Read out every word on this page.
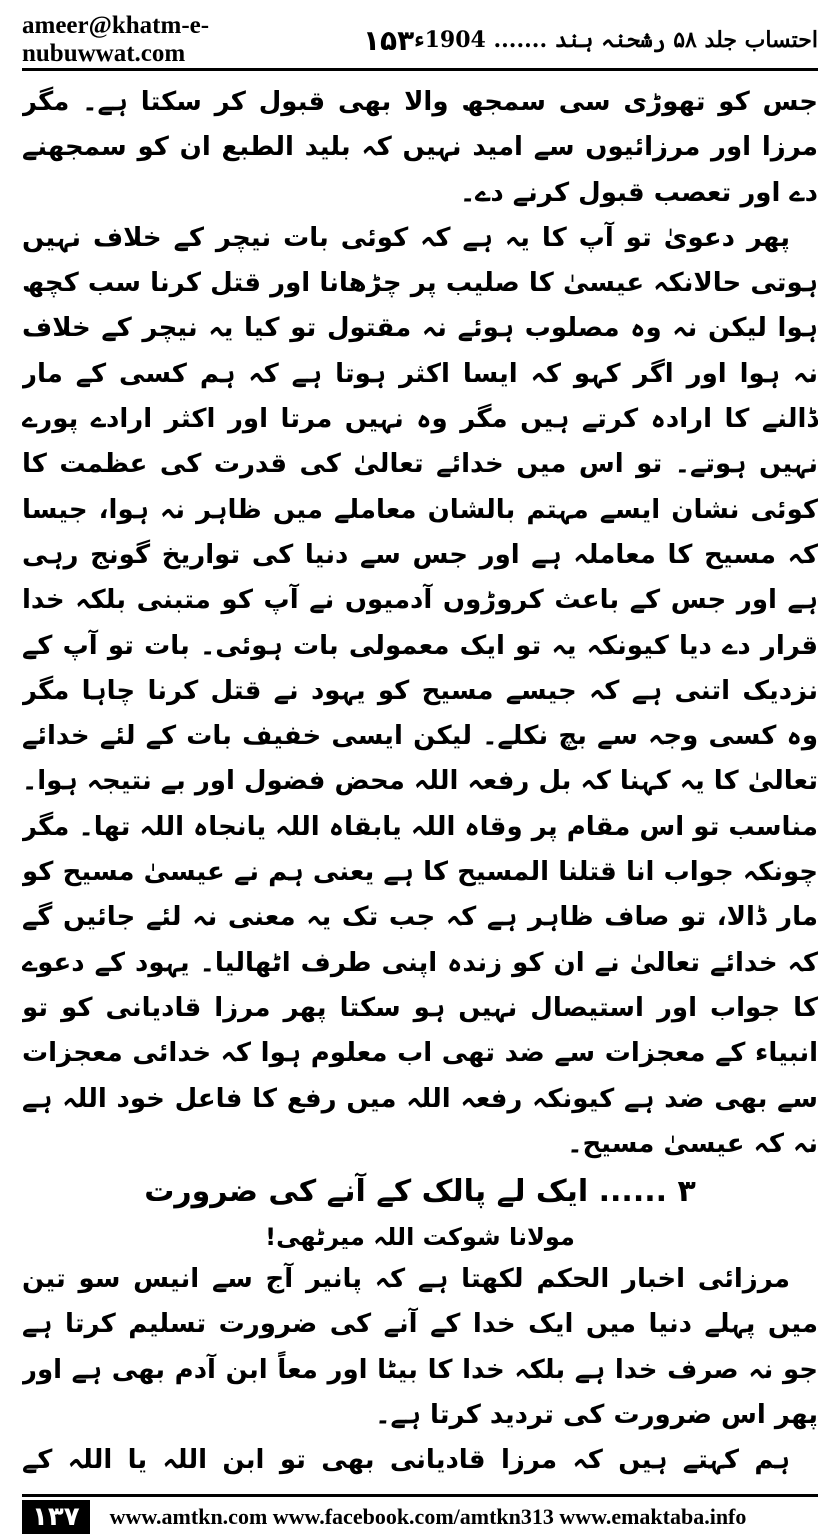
ameer@khatm-e-nubuwwat.com	۱۵۳ احتساب جلد ۵۸ رشحنہ ہند ....... 1904ء

جس کو تھوڑی سی سمجھ والا بھی قبول کر سکتا ہے۔ مگر مرزا اور مرزائیوں سے امید نہیں کہ بلید الطبع ان کو سمجھنے دے اور تعصب قبول کرنے دے۔

پھر دعویٰ تو آپ کا یہ ہے کہ کوئی بات نیچر کے خلاف نہیں ہوتی حالانکہ عیسیٰ کا صلیب پر چڑھانا اور قتل کرنا سب کچھ ہوا لیکن نہ وہ مصلوب ہوئے نہ مقتول تو کیا یہ نیچر کے خلاف نہ ہوا اور اگر کہو کہ ایسا اکثر ہوتا ہے کہ ہم کسی کے مار ڈالنے کا ارادہ کرتے ہیں مگر وہ نہیں مرتا اور اکثر ارادے پورے نہیں ہوتے۔ تو اس میں خدائے تعالیٰ کی قدرت کی عظمت کا کوئی نشان ایسے مہتم بالشان معاملے میں ظاہر نہ ہوا، جیسا کہ مسیح کا معاملہ ہے اور جس سے دنیا کی تواریخ گونج رہی ہے اور جس کے باعث کروڑوں آدمیوں نے آپ کو متبنی بلکہ خدا قرار دے دیا کیونکہ یہ تو ایک معمولی بات ہوئی۔ بات تو آپ کے نزدیک اتنی ہے کہ جیسے مسیح کو یہود نے قتل کرنا چاہا مگر وہ کسی وجہ سے بچ نکلے۔ لیکن ایسی خفیف بات کے لئے خدائے تعالیٰ کا یہ کہنا کہ بل رفعہ اللہ محض فضول اور بے نتیجہ ہوا۔ مناسب تو اس مقام پر وقاہ اللہ یابقاہ اللہ یانجاہ اللہ تھا۔ مگر چونکہ جواب انا قتلنا المسیح کا ہے یعنی ہم نے عیسیٰ مسیح کو مار ڈالا، تو صاف ظاہر ہے کہ جب تک یہ معنی نہ لئے جائیں گے کہ خدائے تعالیٰ نے ان کو زندہ اپنی طرف اٹھالیا۔ یہود کے دعوے کا جواب اور استیصال نہیں ہو سکتا پھر مرزا قادیانی کو تو انبیاء کے معجزات سے ضد تھی اب معلوم ہوا کہ خدائی معجزات سے بھی ضد ہے کیونکہ رفعہ اللہ میں رفع کا فاعل خود اللہ ہے نہ کہ عیسیٰ مسیح۔

۳ ...... ایک لے پالک کے آنے کی ضرورت

مولانا شوکت اللہ میرٹھی!

مرزائی اخبار الحکم لکھتا ہے کہ پانیر آج سے انیس سو تین میں پہلے دنیا میں ایک خدا کے آنے کی ضرورت تسلیم کرتا ہے جو نہ صرف خدا ہے بلکہ خدا کا بیٹا اور معاً ابن آدم بھی ہے اور پھر اس ضرورت کی تردید کرتا ہے۔

ہم کہتے ہیں کہ مرزا قادیانی بھی تو ابن اللہ یا اللہ کے

۱۳۷	www.amtkn.com www.facebook.com/amtkn313 www.emaktaba.info
